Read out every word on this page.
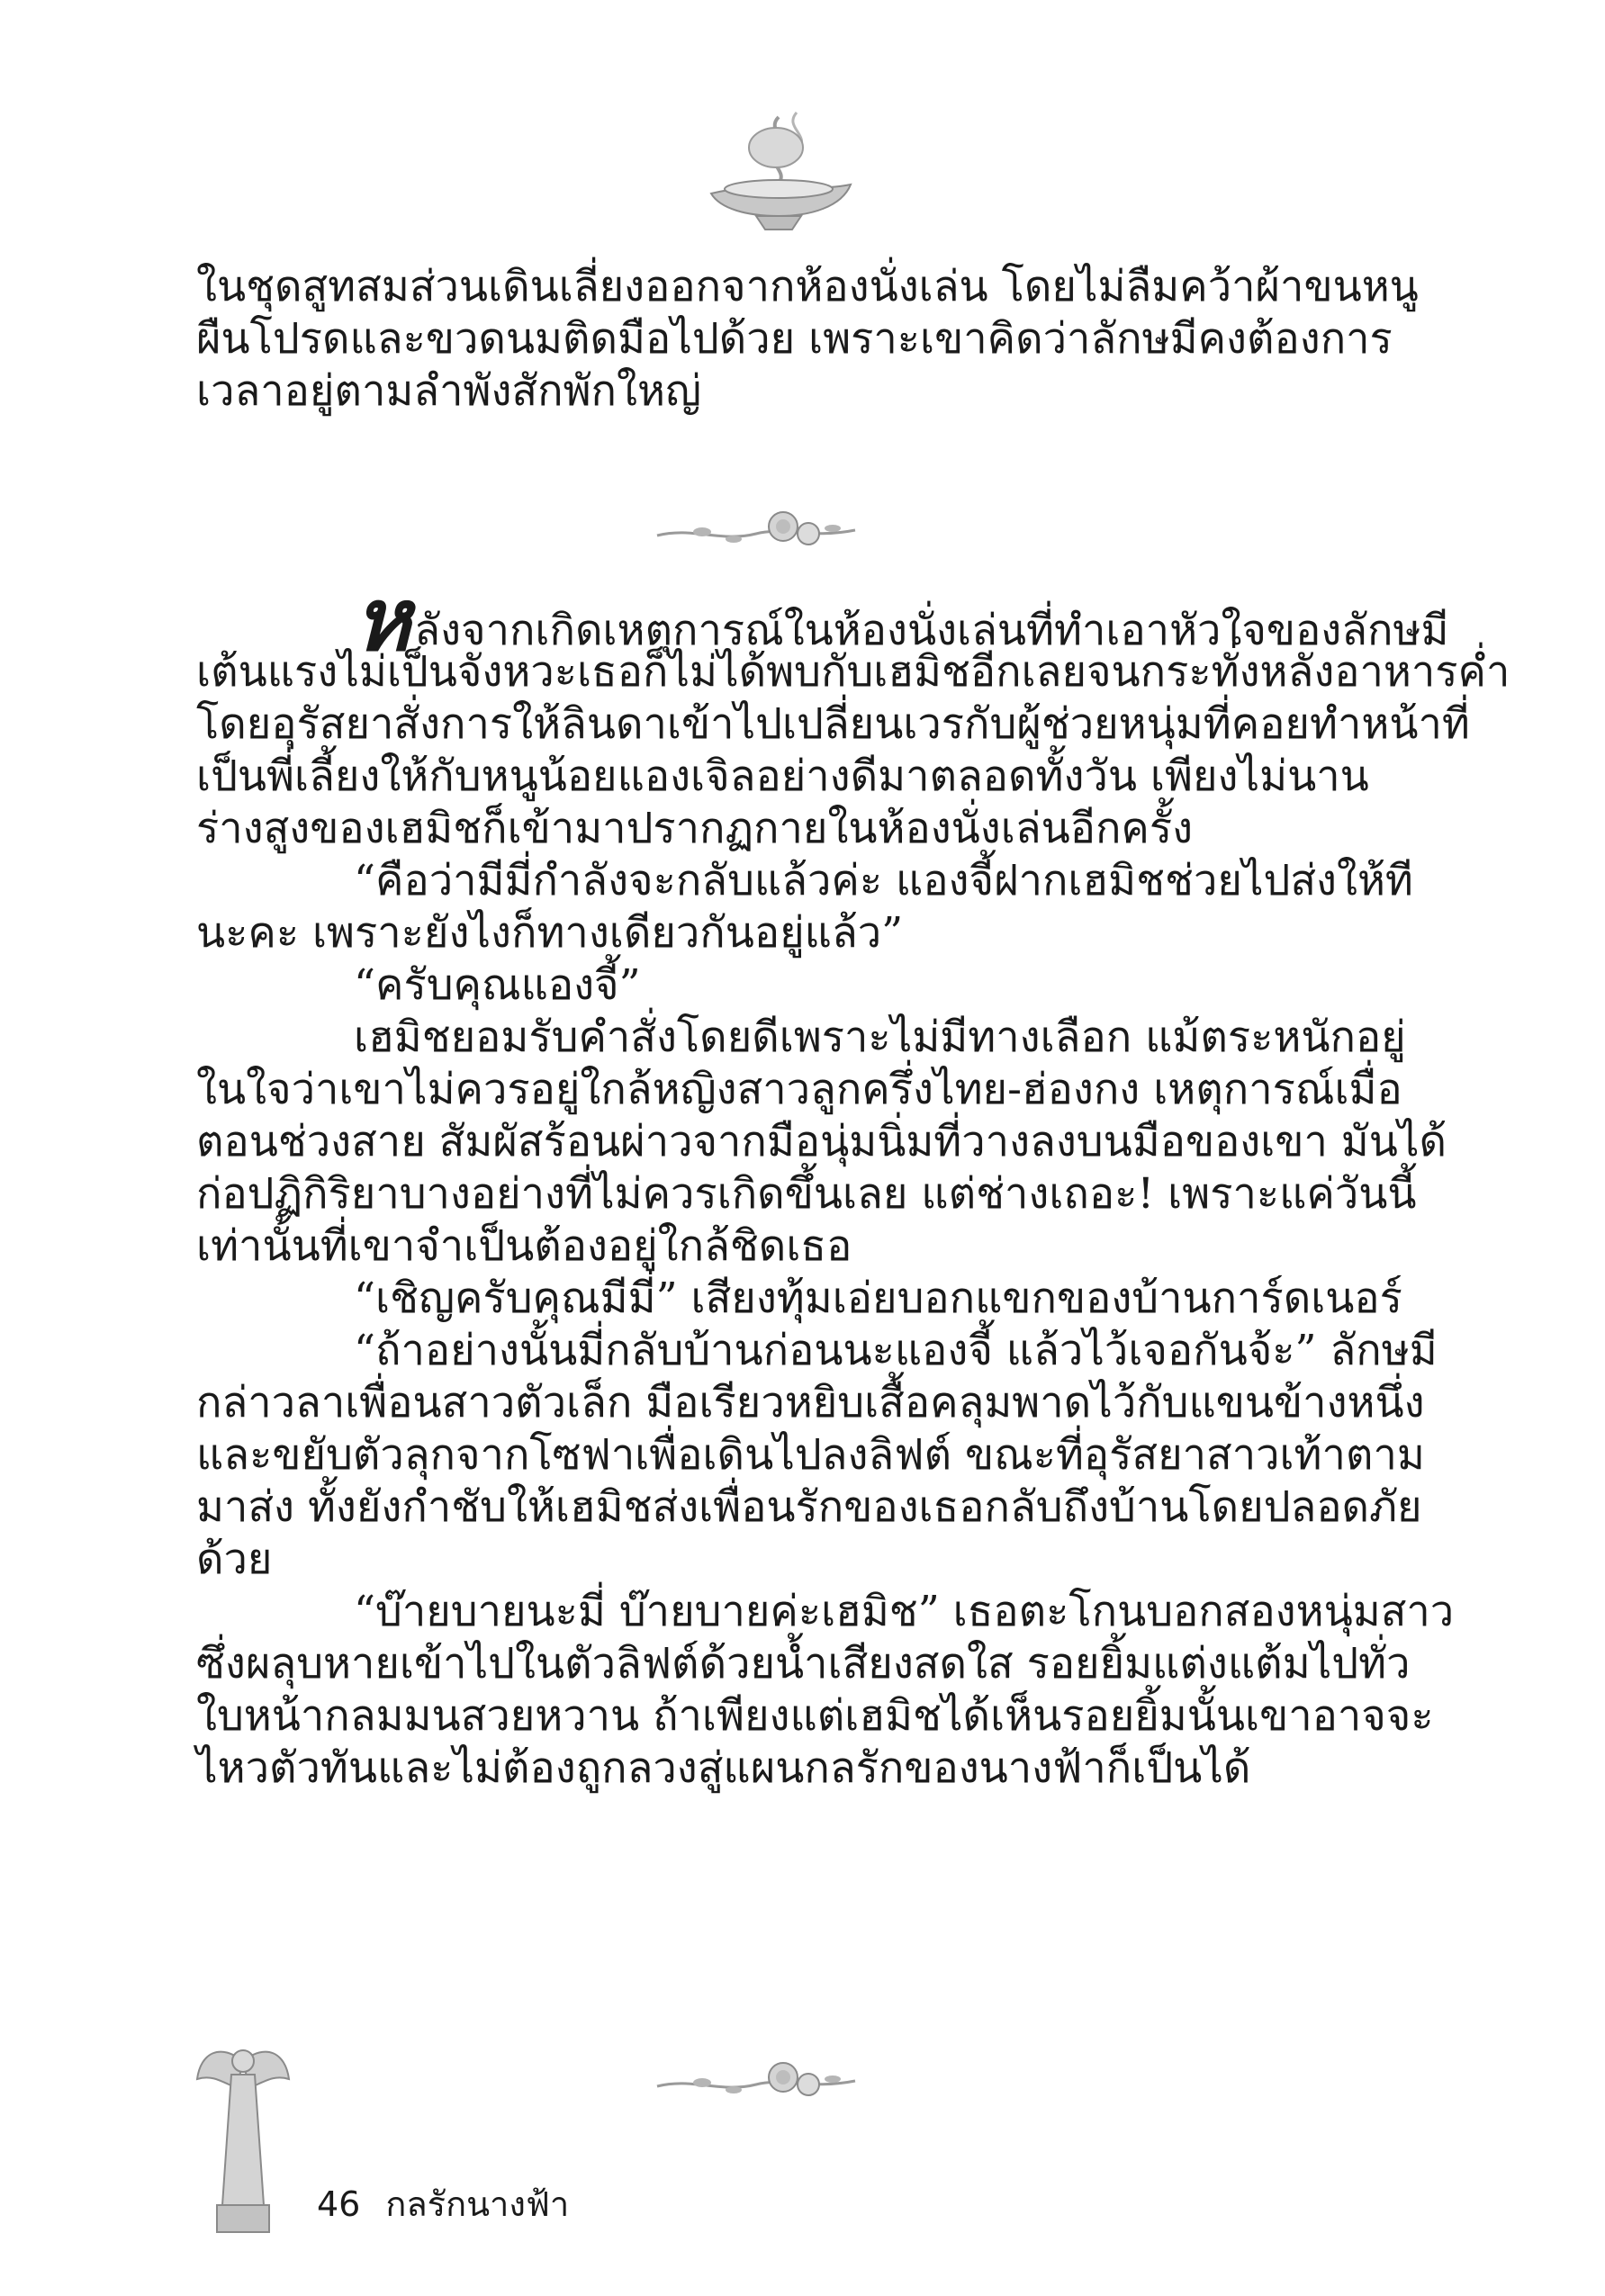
ในชุดสูทสมส่วนเดินเลี่ยงออกจากห้องนั่งเล่น โดยไม่ลืมคว้าผ้าขนหนู
ผืนโปรดและขวดนมติดมือไปด้วย เพราะเขาคิดว่าลักษมีคงต้องการ
เวลาอยู่ตามลำพังสักพักใหญ่
หลังจากเกิดเหตุการณ์ในห้องนั่งเล่นที่ทำเอาหัวใจของลักษมี
เต้นแรงไม่เป็นจังหวะเธอก็ไม่ได้พบกับเฮมิชอีกเลยจนกระทั่งหลังอาหารค่ำ
โดยอุรัสยาสั่งการให้ลินดาเข้าไปเปลี่ยนเวรกับผู้ช่วยหนุ่มที่คอยทำหน้าที่
เป็นพี่เลี้ยงให้กับหนูน้อยแองเจิลอย่างดีมาตลอดทั้งวัน เพียงไม่นาน
ร่างสูงของเฮมิชก็เข้ามาปรากฏกายในห้องนั่งเล่นอีกครั้ง
“คือว่ามีมี่กำลังจะกลับแล้วค่ะ แองจี้ฝากเฮมิชช่วยไปส่งให้ที
นะคะ เพราะยังไงก็ทางเดียวกันอยู่แล้ว”
“ครับคุณแองจี้”
เฮมิชยอมรับคำสั่งโดยดีเพราะไม่มีทางเลือก แม้ตระหนักอยู่
ในใจว่าเขาไม่ควรอยู่ใกล้หญิงสาวลูกครึ่งไทย-ฮ่องกง เหตุการณ์เมื่อ
ตอนช่วงสาย สัมผัสร้อนผ่าวจากมือนุ่มนิ่มที่วางลงบนมือของเขา มันได้
ก่อปฏิกิริยาบางอย่างที่ไม่ควรเกิดขึ้นเลย แต่ช่างเถอะ! เพราะแค่วันนี้
เท่านั้นที่เขาจำเป็นต้องอยู่ใกล้ชิดเธอ
“เชิญครับคุณมีมี่” เสียงทุ้มเอ่ยบอกแขกของบ้านการ์ดเนอร์
“ถ้าอย่างนั้นมี่กลับบ้านก่อนนะแองจี้ แล้วไว้เจอกันจ้ะ” ลักษมี
กล่าวลาเพื่อนสาวตัวเล็ก มือเรียวหยิบเสื้อคลุมพาดไว้กับแขนข้างหนึ่ง
และขยับตัวลุกจากโซฟาเพื่อเดินไปลงลิฟต์ ขณะที่อุรัสยาสาวเท้าตาม
มาส่ง ทั้งยังกำชับให้เฮมิชส่งเพื่อนรักของเธอกลับถึงบ้านโดยปลอดภัย
ด้วย
“บ๊ายบายนะมี่ บ๊ายบายค่ะเฮมิช” เธอตะโกนบอกสองหนุ่มสาว
ซึ่งผลุบหายเข้าไปในตัวลิฟต์ด้วยน้ำเสียงสดใส รอยยิ้มแต่งแต้มไปทั่ว
ใบหน้ากลมมนสวยหวาน ถ้าเพียงแต่เฮมิชได้เห็นรอยยิ้มนั้นเขาอาจจะ
ไหวตัวทันและไม่ต้องถูกลวงสู่แผนกลรักของนางฟ้าก็เป็นได้
46 กลรักนางฟ้า
